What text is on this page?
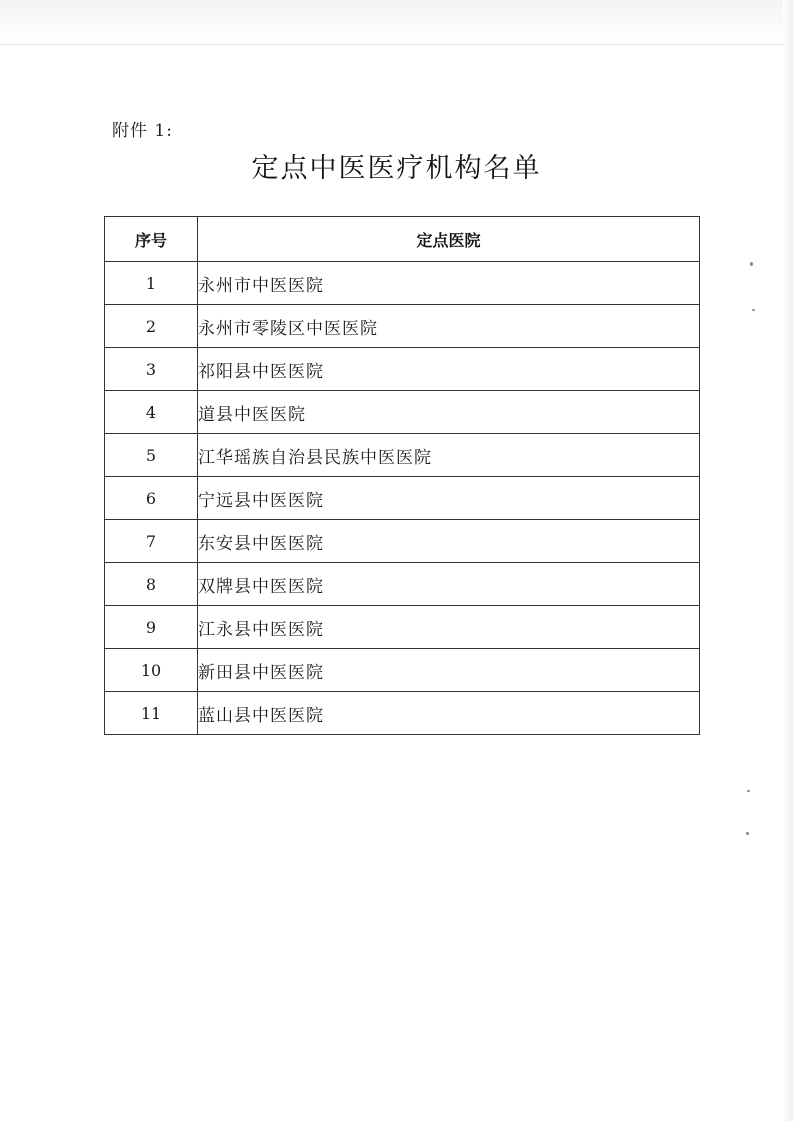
附件 1:
定点中医医疗机构名单
序号	定点医院
1	永州市中医医院
2	永州市零陵区中医医院
3	祁阳县中医医院
4	道县中医医院
5	江华瑶族自治县民族中医医院
6	宁远县中医医院
7	东安县中医医院
8	双牌县中医医院
9	江永县中医医院
10	新田县中医医院
11	蓝山县中医医院
